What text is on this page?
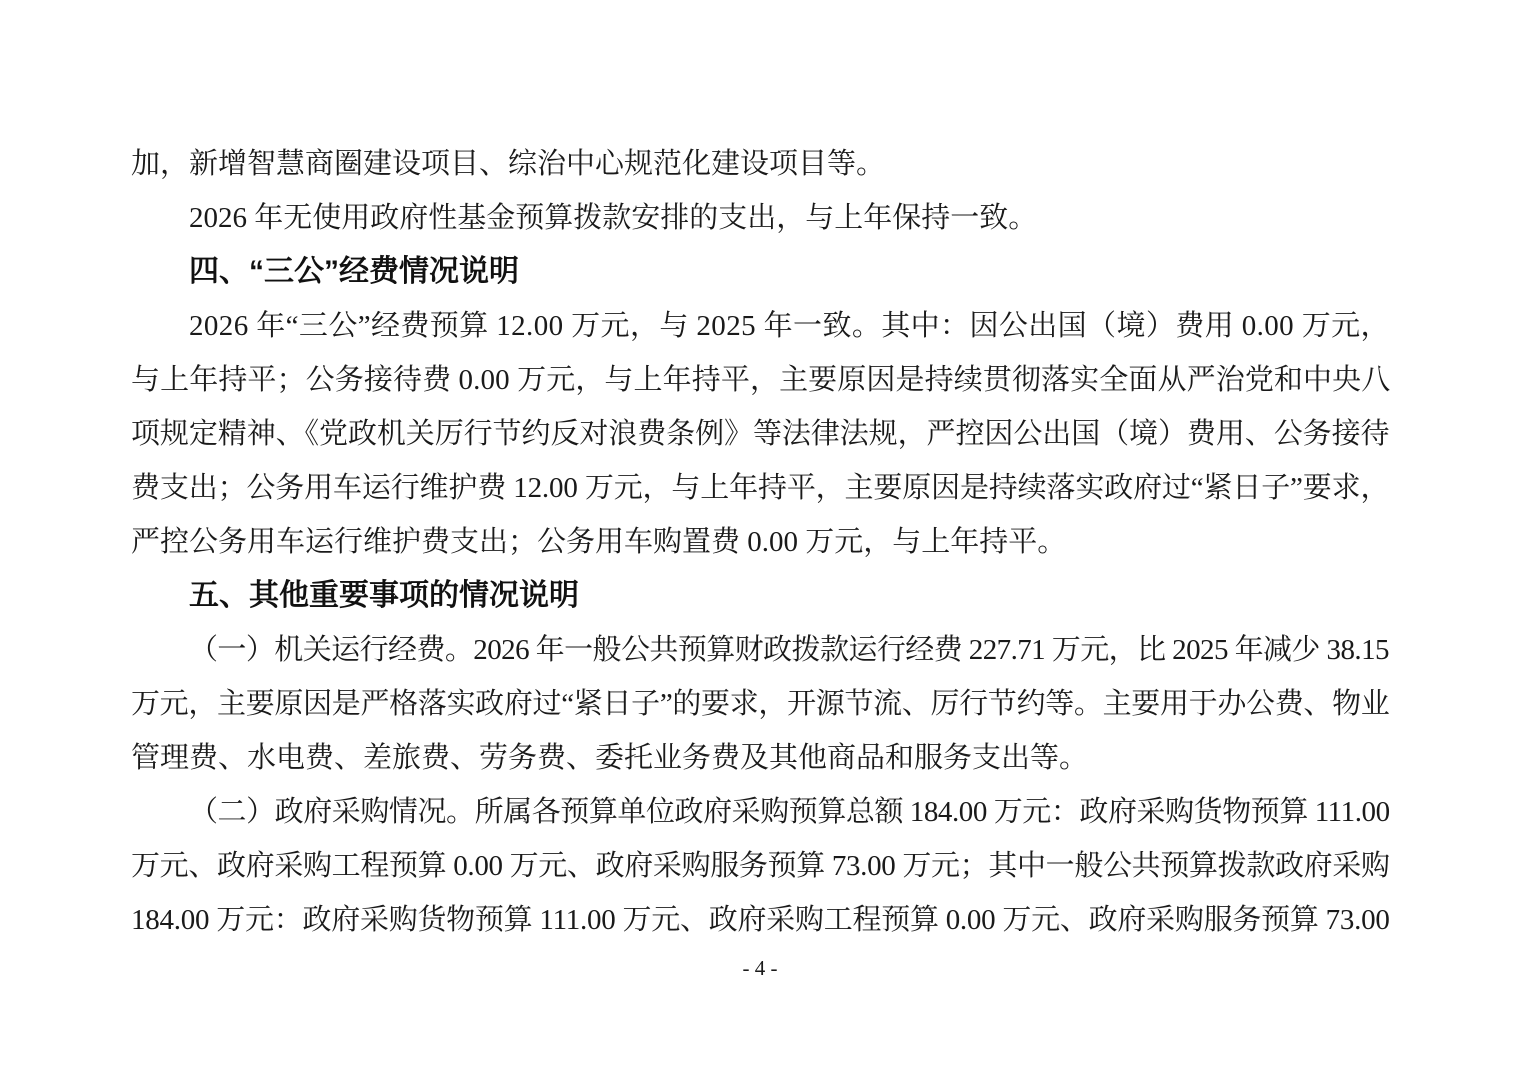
加，新增智慧商圈建设项目、综治中心规范化建设项目等。
2026 年无使用政府性基金预算拨款安排的支出，与上年保持一致。
四、“三公”经费情况说明
2026 年“三公”经费预算 12.00 万元，与 2025 年一致。其中：因公出国（境）费用 0.00 万元，
与上年持平；公务接待费 0.00 万元，与上年持平，主要原因是持续贯彻落实全面从严治党和中央八
项规定精神、《党政机关厉行节约反对浪费条例》等法律法规，严控因公出国（境）费用、公务接待
费支出；公务用车运行维护费 12.00 万元，与上年持平，主要原因是持续落实政府过“紧日子”要求，
严控公务用车运行维护费支出；公务用车购置费 0.00 万元，与上年持平。
五、其他重要事项的情况说明
（一）机关运行经费。2026 年一般公共预算财政拨款运行经费 227.71 万元，比 2025 年减少 38.15
万元，主要原因是严格落实政府过“紧日子”的要求，开源节流、厉行节约等。主要用于办公费、物业
管理费、水电费、差旅费、劳务费、委托业务费及其他商品和服务支出等。
（二）政府采购情况。所属各预算单位政府采购预算总额 184.00 万元：政府采购货物预算 111.00
万元、政府采购工程预算 0.00 万元、政府采购服务预算 73.00 万元；其中一般公共预算拨款政府采购
184.00 万元：政府采购货物预算 111.00 万元、政府采购工程预算 0.00 万元、政府采购服务预算 73.00
- 4 -
